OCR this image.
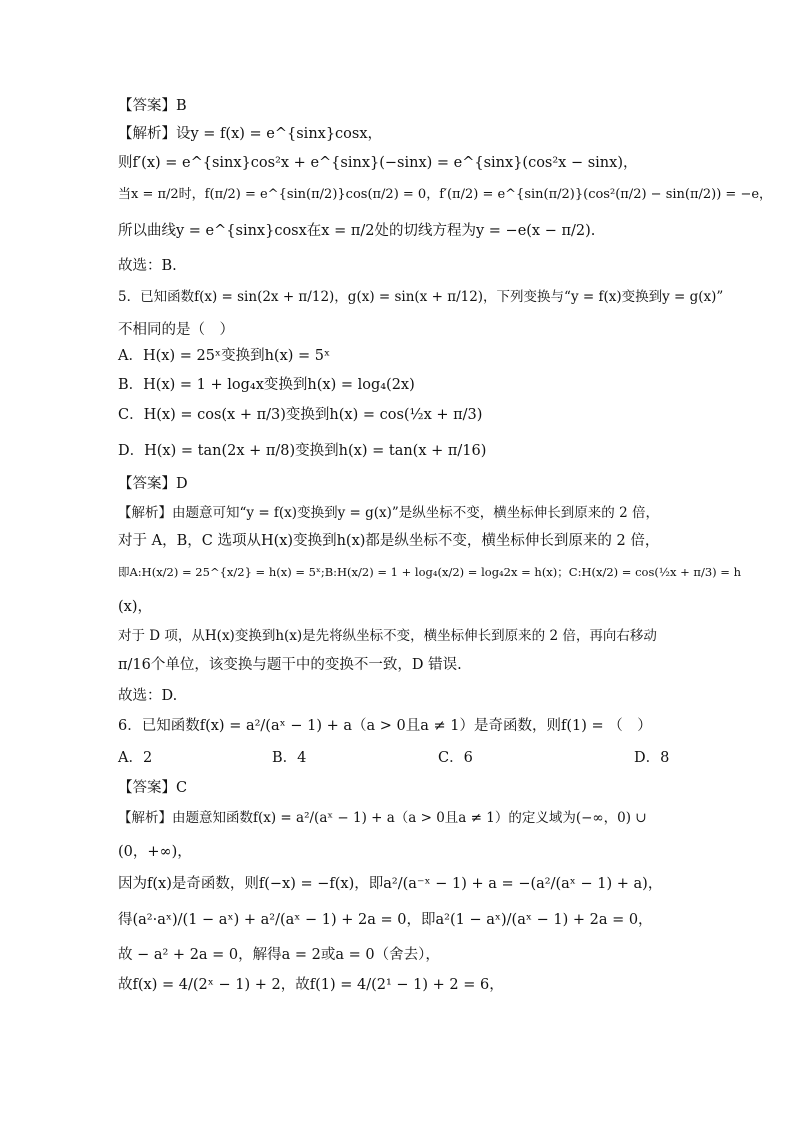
【答案】B
【解析】设y = f(x) = e^{sinx}cosx，
则f′(x) = e^{sinx}cos²x + e^{sinx}(−sinx) = e^{sinx}(cos²x − sinx)，
当x = π/2时，f(π/2) = e^{sin(π/2)}cos(π/2) = 0，f′(π/2) = e^{sin(π/2)}(cos²(π/2) − sin(π/2)) = −e，
所以曲线y = e^{sinx}cosx在x = π/2处的切线方程为y = −e(x − π/2).
故选：B.
5．已知函数f(x) = sin(2x + π/12)，g(x) = sin(x + π/12)，下列变换与“y = f(x)变换到y = g(x)”
不相同的是（　）
A．H(x) = 25ˣ变换到h(x) = 5ˣ
B．H(x) = 1 + log₄x变换到h(x) = log₄(2x)
C．H(x) = cos(x + π/3)变换到h(x) = cos(½x + π/3)
D．H(x) = tan(2x + π/8)变换到h(x) = tan(x + π/16)
【答案】D
【解析】由题意可知“y = f(x)变换到y = g(x)”是纵坐标不变，横坐标伸长到原来的 2 倍，
对于 A，B，C 选项从H(x)变换到h(x)都是纵坐标不变，横坐标伸长到原来的 2 倍，
即A:H(x/2) = 25^{x/2} = h(x) = 5ˣ;B:H(x/2) = 1 + log₄(x/2) = log₄2x = h(x)；C:H(x/2) = cos(½x + π/3) = h
(x)，
对于 D 项，从H(x)变换到h(x)是先将纵坐标不变，横坐标伸长到原来的 2 倍，再向右移动
π/16个单位，该变换与题干中的变换不一致，D 错误.
故选：D.
6．已知函数f(x) = a²/(aˣ − 1) + a（a > 0且a ≠ 1）是奇函数，则f(1) = （　）
A．2	B．4	C．6	D．8
【答案】C
【解析】由题意知函数f(x) = a²/(aˣ − 1) + a（a > 0且a ≠ 1）的定义域为(−∞，0) ∪
(0，+∞)，
因为f(x)是奇函数，则f(−x) = −f(x)，即a²/(a⁻ˣ − 1) + a = −(a²/(aˣ − 1) + a)，
得(a²·aˣ)/(1 − aˣ) + a²/(aˣ − 1) + 2a = 0，即a²(1 − aˣ)/(aˣ − 1) + 2a = 0，
故 − a² + 2a = 0，解得a = 2或a = 0（舍去），
故f(x) = 4/(2ˣ − 1) + 2，故f(1) = 4/(2¹ − 1) + 2 = 6，
